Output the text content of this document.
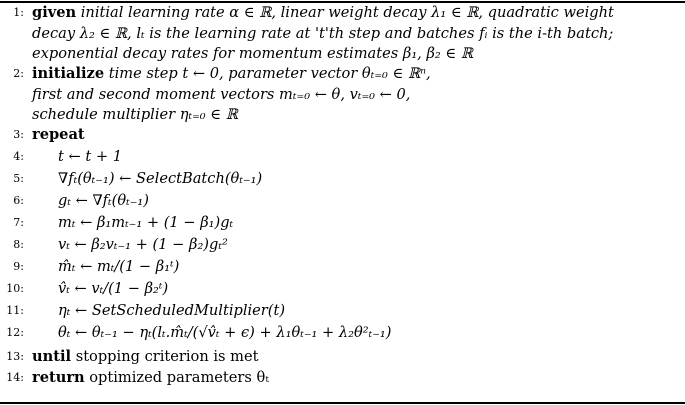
1: given initial learning rate α ∈ ℝ, linear weight decay λ₁ ∈ ℝ, quadratic weight
decay λ₂ ∈ ℝ, lₜ is the learning rate at 't'th step and batches fᵢ is the i-th batch;
exponential decay rates for momentum estimates β₁, β₂ ∈ ℝ
2: initialize time step t ← 0, parameter vector θₜ₌₀ ∈ ℝⁿ,
first and second moment vectors mₜ₌₀ ← θ, vₜ₌₀ ← 0,
schedule multiplier ηₜ₌₀ ∈ ℝ
3: repeat
4: t ← t + 1
5: ∇fₜ(θₜ₋₁) ← SelectBatch(θₜ₋₁)
6: gₜ ← ∇fₜ(θₜ₋₁)
7: mₜ ← β₁mₜ₋₁ + (1 − β₁)gₜ
8: vₜ ← β₂vₜ₋₁ + (1 − β₂)gₜ²
9: m̂ₜ ← mₜ/(1 − β₁ᵗ)
10: v̂ₜ ← vₜ/(1 − β₂ᵗ)
11: ηₜ ← SetScheduledMultiplier(t)
12: θₜ ← θₜ₋₁ − ηₜ(lₜ.m̂ₜ/(√v̂ₜ + ϵ) + λ₁θₜ₋₁ + λ₂θ²ₜ₋₁)
13: until stopping criterion is met
14: return optimized parameters θₜ
